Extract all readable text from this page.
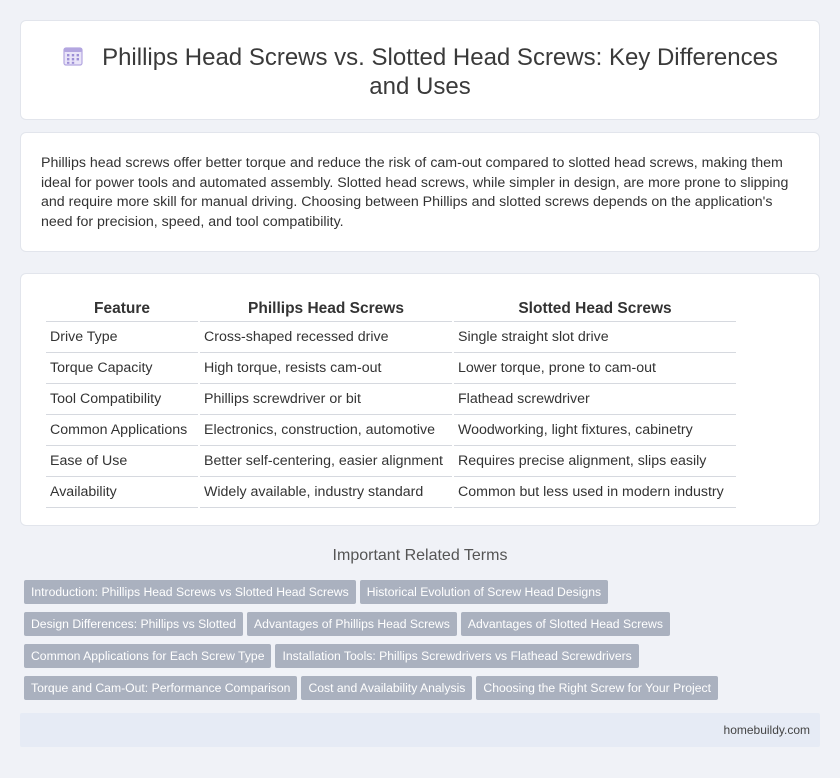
Phillips Head Screws vs. Slotted Head Screws: Key Differences and Uses

Phillips head screws offer better torque and reduce the risk of cam-out compared to slotted head screws, making them ideal for power tools and automated assembly. Slotted head screws, while simpler in design, are more prone to slipping and require more skill for manual driving. Choosing between Phillips and slotted screws depends on the application's need for precision, speed, and tool compatibility.

Feature	Phillips Head Screws	Slotted Head Screws
Drive Type	Cross-shaped recessed drive	Single straight slot drive
Torque Capacity	High torque, resists cam-out	Lower torque, prone to cam-out
Tool Compatibility	Phillips screwdriver or bit	Flathead screwdriver
Common Applications	Electronics, construction, automotive	Woodworking, light fixtures, cabinetry
Ease of Use	Better self-centering, easier alignment	Requires precise alignment, slips easily
Availability	Widely available, industry standard	Common but less used in modern industry
Important Related Terms
Introduction: Phillips Head Screws vs Slotted Head Screws Historical Evolution of Screw Head Designs
Design Differences: Phillips vs Slotted Advantages of Phillips Head Screws Advantages of Slotted Head Screws
Common Applications for Each Screw Type Installation Tools: Phillips Screwdrivers vs Flathead Screwdrivers
Torque and Cam-Out: Performance Comparison Cost and Availability Analysis Choosing the Right Screw for Your Project
homebuildy.com
